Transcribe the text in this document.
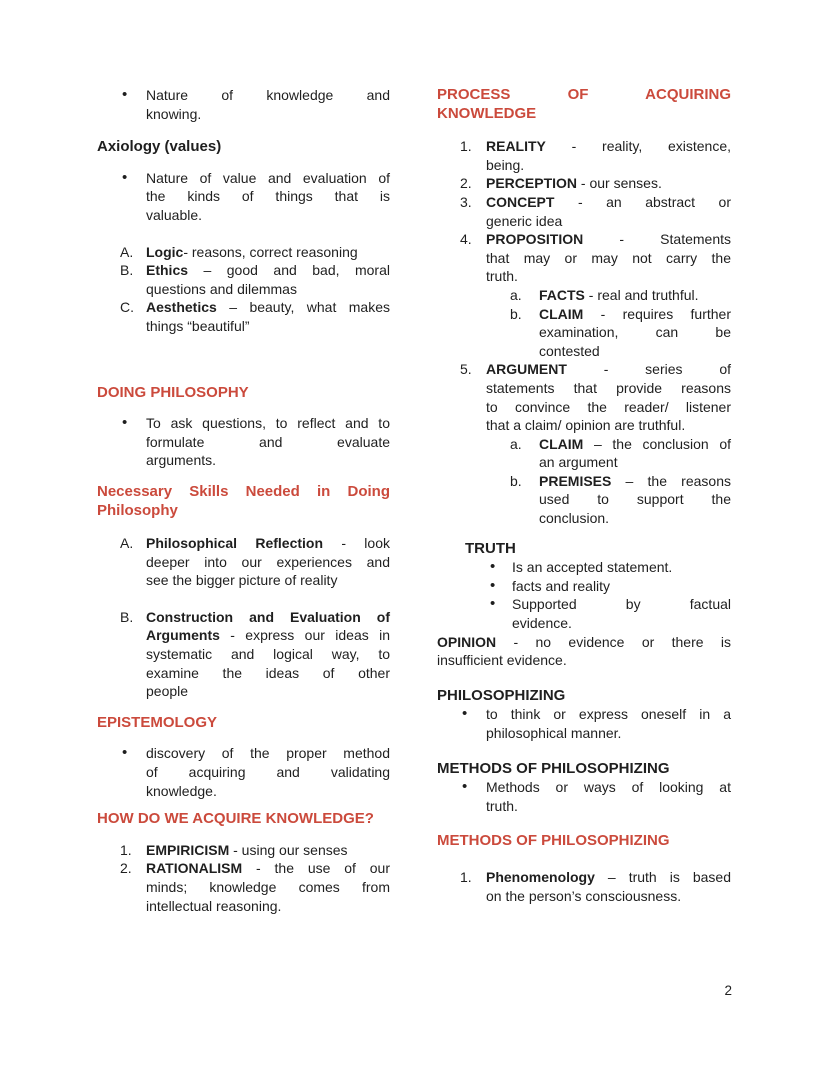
• Nature of knowledge and
knowing.
Axiology (values)
• Nature of value and evaluation of
the kinds of things that is
valuable.
A. Logic- reasons, correct reasoning
B. Ethics – good and bad, moral
questions and dilemmas
C. Aesthetics – beauty, what makes
things “beautiful”
DOING PHILOSOPHY
• To ask questions, to reflect and to
formulate and evaluate
arguments.
Necessary Skills Needed in Doing
Philosophy
A. Philosophical Reflection - look
deeper into our experiences and
see the bigger picture of reality
B. Construction and Evaluation of
Arguments - express our ideas in
systematic and logical way, to
examine the ideas of other
people
EPISTEMOLOGY
• discovery of the proper method
of acquiring and validating
knowledge.
HOW DO WE ACQUIRE KNOWLEDGE?
1. EMPIRICISM - using our senses
2. RATIONALISM - the use of our
minds; knowledge comes from
intellectual reasoning.
PROCESS OF ACQUIRING
KNOWLEDGE
1. REALITY - reality, existence,
being.
2. PERCEPTION - our senses.
3. CONCEPT - an abstract or
generic idea
4. PROPOSITION - Statements
that may or may not carry the
truth.
a. FACTS - real and truthful.
b. CLAIM - requires further
examination, can be
contested
5. ARGUMENT - series of
statements that provide reasons
to convince the reader/ listener
that a claim/ opinion are truthful.
a. CLAIM – the conclusion of
an argument
b. PREMISES – the reasons
used to support the
conclusion.
TRUTH
• Is an accepted statement.
• facts and reality
• Supported by factual
evidence.
OPINION - no evidence or there is
insufficient evidence.
PHILOSOPHIZING
• to think or express oneself in a
philosophical manner.
METHODS OF PHILOSOPHIZING
• Methods or ways of looking at
truth.
METHODS OF PHILOSOPHIZING
1. Phenomenology – truth is based
on the person’s consciousness.
2
